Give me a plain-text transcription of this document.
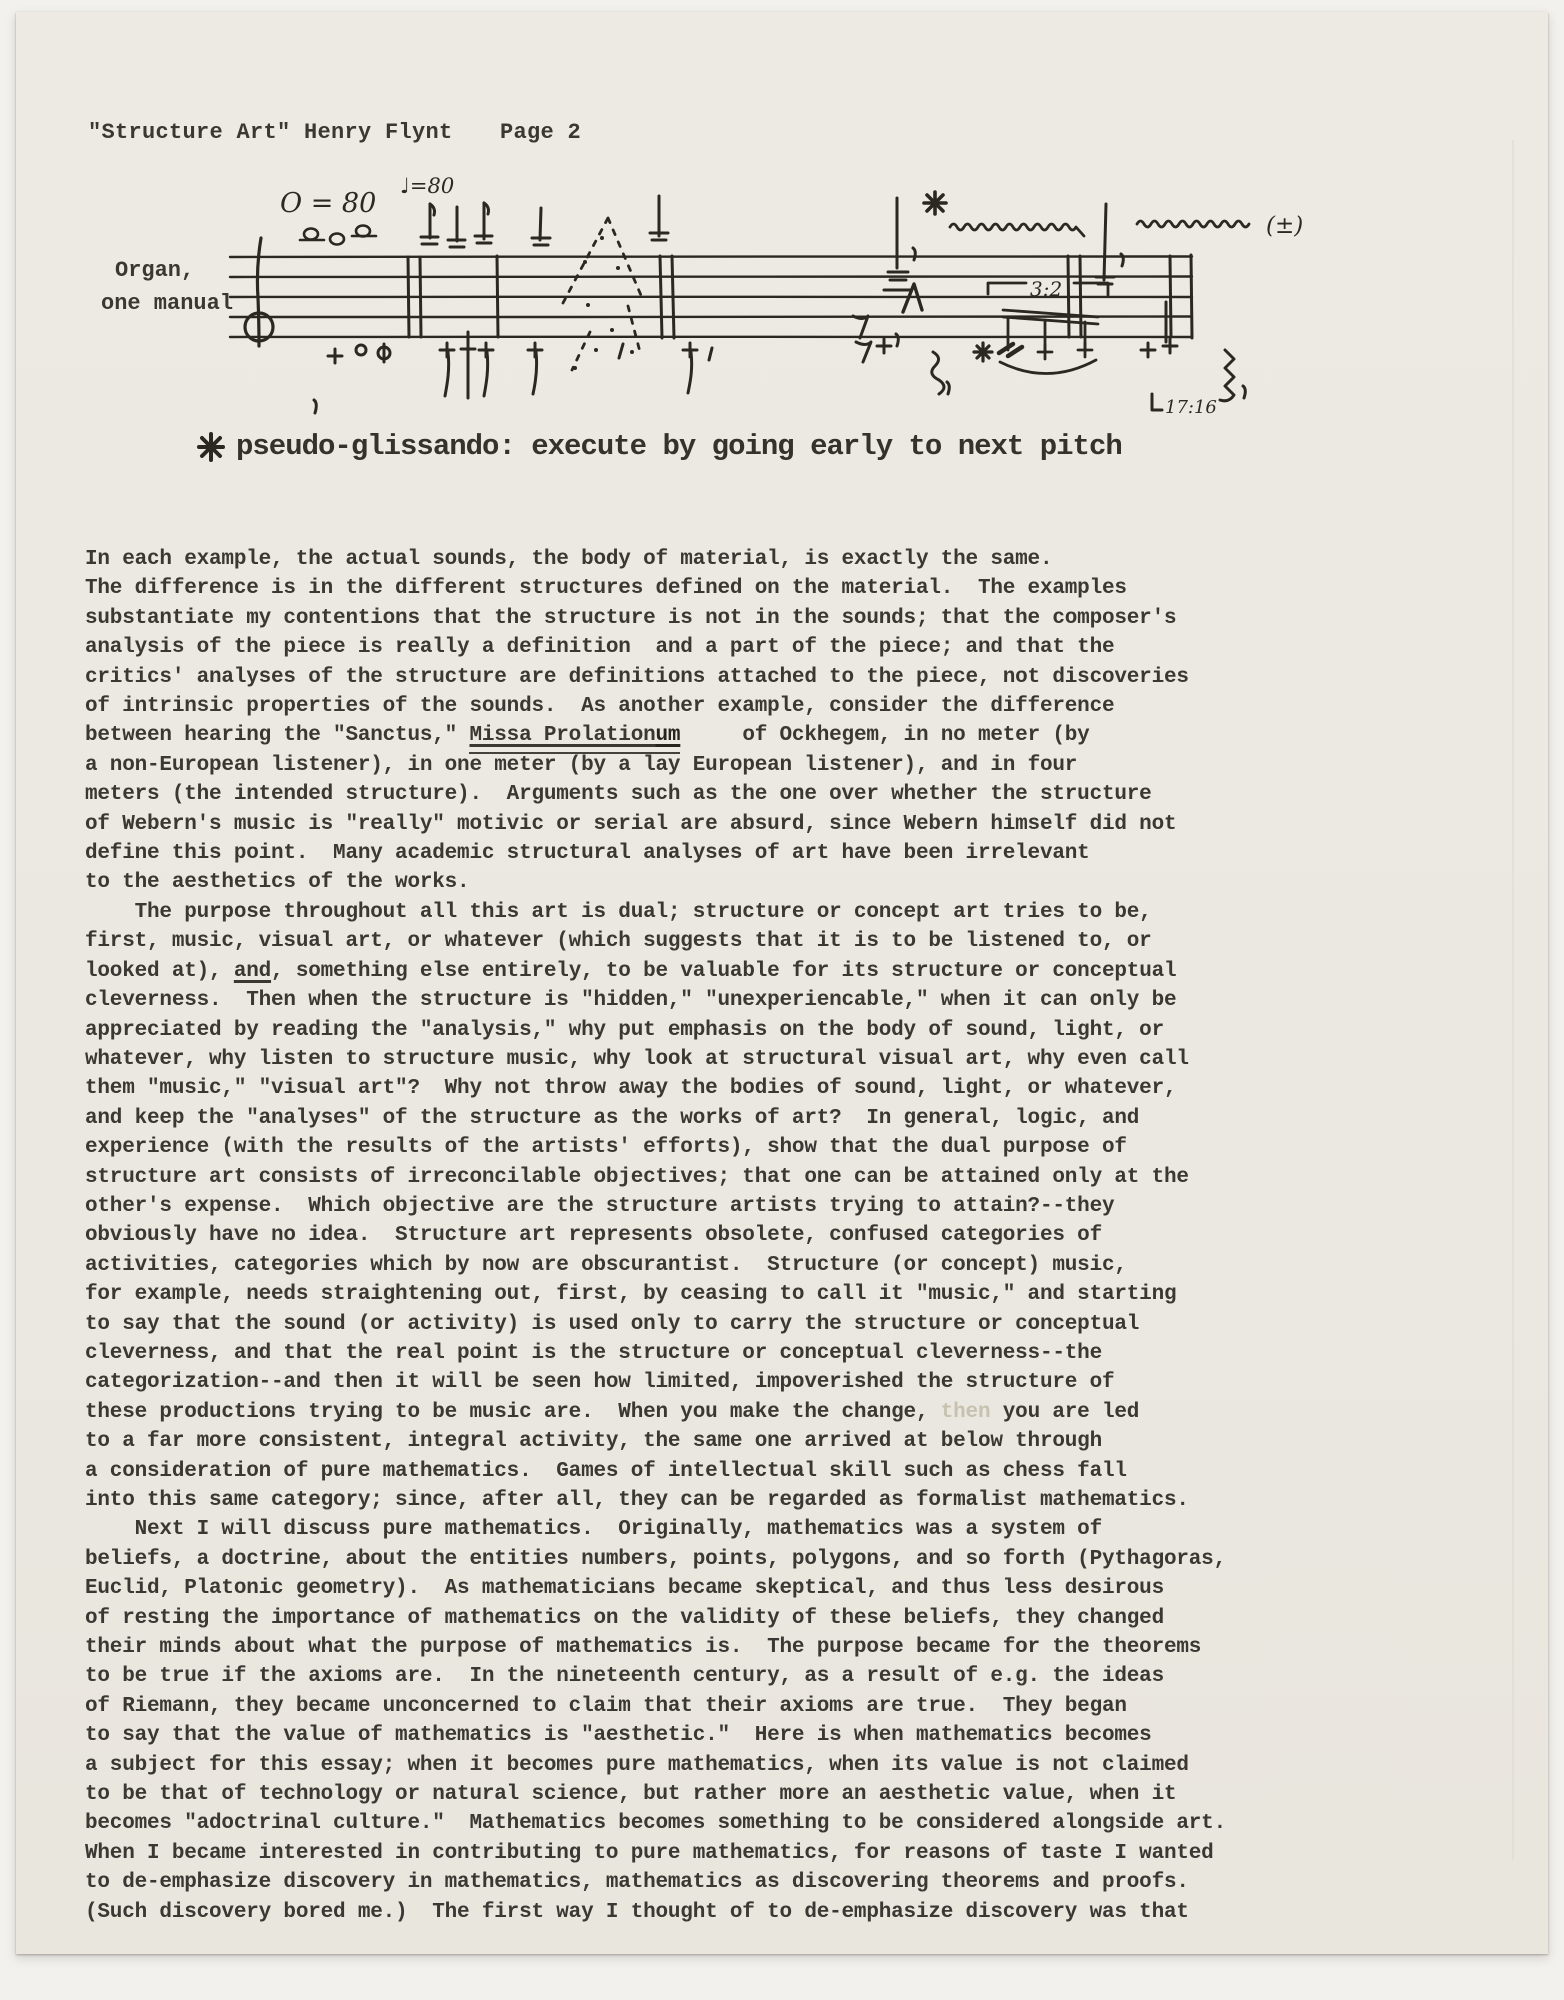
"Structure Art" Henry Flynt Page 2
Organ,
one manual
O = 80
♩=80
(±)
3:2
17:16
pseudo-glissando: execute by going early to next pitch
In each example, the actual sounds, the body of material, is exactly the same.
The difference is in the different structures defined on the material.  The examples
substantiate my contentions that the structure is not in the sounds; that the composer's
analysis of the piece is really a definition  and a part of the piece; and that the
critics' analyses of the structure are definitions attached to the piece, not discoveries
of intrinsic properties of the sounds.  As another example, consider the difference
between hearing the "Sanctus," Missa Prolationum     of Ockhegem, in no meter (by
a non-European listener), in one meter (by a lay European listener), and in four
meters (the intended structure).  Arguments such as the one over whether the structure
of Webern's music is "really" motivic or serial are absurd, since Webern himself did not
define this point.  Many academic structural analyses of art have been irrelevant
to the aesthetics of the works.
The purpose throughout all this art is dual; structure or concept art tries to be,
first, music, visual art, or whatever (which suggests that it is to be listened to, or
looked at), and, something else entirely, to be valuable for its structure or conceptual
cleverness.  Then when the structure is "hidden," "unexperiencable," when it can only be
appreciated by reading the "analysis," why put emphasis on the body of sound, light, or
whatever, why listen to structure music, why look at structural visual art, why even call
them "music," "visual art"?  Why not throw away the bodies of sound, light, or whatever,
and keep the "analyses" of the structure as the works of art?  In general, logic, and
experience (with the results of the artists' efforts), show that the dual purpose of
structure art consists of irreconcilable objectives; that one can be attained only at the
other's expense.  Which objective are the structure artists trying to attain?--they
obviously have no idea.  Structure art represents obsolete, confused categories of
activities, categories which by now are obscurantist.  Structure (or concept) music,
for example, needs straightening out, first, by ceasing to call it "music," and starting
to say that the sound (or activity) is used only to carry the structure or conceptual
cleverness, and that the real point is the structure or conceptual cleverness--the
categorization--and then it will be seen how limited, impoverished the structure of
these productions trying to be music are.  When you make the change, then you are led
to a far more consistent, integral activity, the same one arrived at below through
a consideration of pure mathematics.  Games of intellectual skill such as chess fall
into this same category; since, after all, they can be regarded as formalist mathematics.
Next I will discuss pure mathematics.  Originally, mathematics was a system of
beliefs, a doctrine, about the entities numbers, points, polygons, and so forth (Pythagoras,
Euclid, Platonic geometry).  As mathematicians became skeptical, and thus less desirous
of resting the importance of mathematics on the validity of these beliefs, they changed
their minds about what the purpose of mathematics is.  The purpose became for the theorems
to be true if the axioms are.  In the nineteenth century, as a result of e.g. the ideas
of Riemann, they became unconcerned to claim that their axioms are true.  They began
to say that the value of mathematics is "aesthetic."  Here is when mathematics becomes
a subject for this essay; when it becomes pure mathematics, when its value is not claimed
to be that of technology or natural science, but rather more an aesthetic value, when it
becomes "adoctrinal culture."  Mathematics becomes something to be considered alongside art.
When I became interested in contributing to pure mathematics, for reasons of taste I wanted
to de-emphasize discovery in mathematics, mathematics as discovering theorems and proofs.
(Such discovery bored me.)  The first way I thought of to de-emphasize discovery was that
